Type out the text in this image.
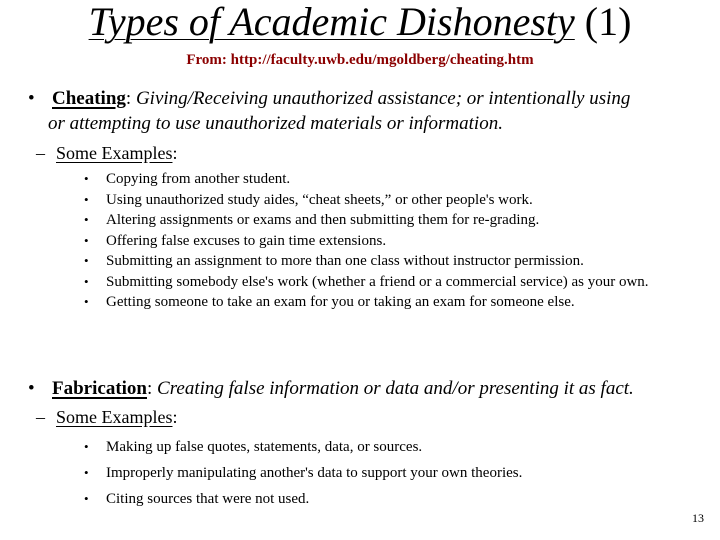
Types of Academic Dishonesty (1)
From: http://faculty.uwb.edu/mgoldberg/cheating.htm
• Cheating: Giving/Receiving unauthorized assistance; or intentionally using
or attempting to use unauthorized materials or information.
– Some Examples:
• Copying from another student.
• Using unauthorized study aides, “cheat sheets,” or other people's work.
• Altering assignments or exams and then submitting them for re-grading.
• Offering false excuses to gain time extensions.
• Submitting an assignment to more than one class without instructor permission.
• Submitting somebody else's work (whether a friend or a commercial service) as your own.
• Getting someone to take an exam for you or taking an exam for someone else.
• Fabrication: Creating false information or data and/or presenting it as fact.
– Some Examples:
• Making up false quotes, statements, data, or sources.
• Improperly manipulating another's data to support your own theories.
• Citing sources that were not used.
13
